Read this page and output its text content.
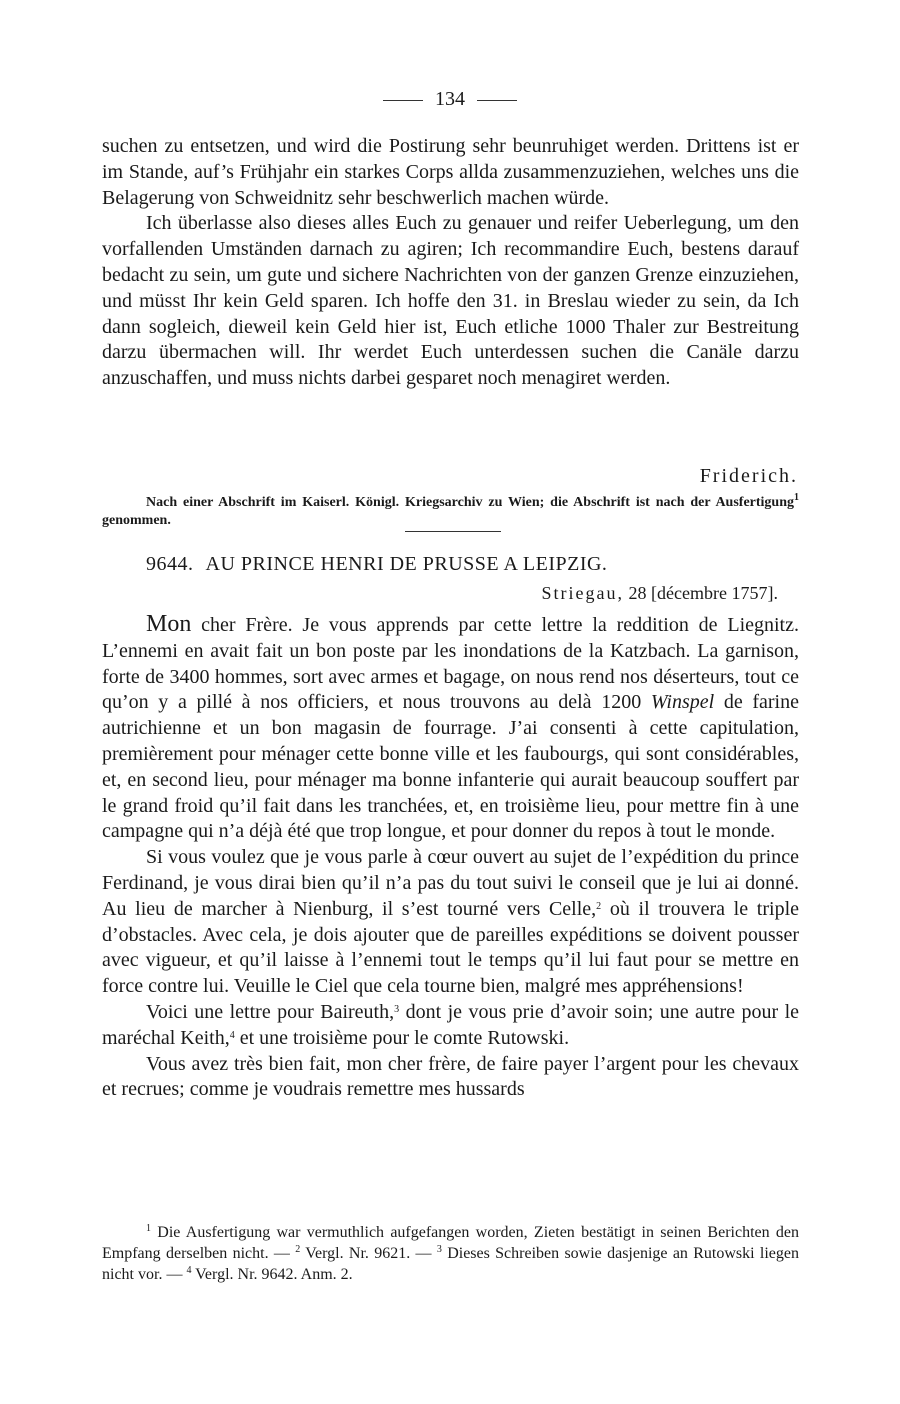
134

suchen zu entsetzen, und wird die Postirung sehr beunruhiget werden. Drittens ist er im Stande, auf’s Frühjahr ein starkes Corps allda zusammenzuziehen, welches uns die Belagerung von Schweidnitz sehr beschwerlich machen würde.

Ich überlasse also dieses alles Euch zu genauer und reifer Ueberlegung, um den vorfallenden Umständen darnach zu agiren; Ich recommandire Euch, bestens darauf bedacht zu sein, um gute und sichere Nachrichten von der ganzen Grenze einzuziehen, und müsst Ihr kein Geld sparen. Ich hoffe den 31. in Breslau wieder zu sein, da Ich dann sogleich, dieweil kein Geld hier ist, Euch etliche 1000 Thaler zur Bestreitung darzu übermachen will. Ihr werdet Euch unterdessen suchen die Canäle darzu anzuschaffen, und muss nichts darbei gesparet noch menagiret werden.

Friderich.
Nach einer Abschrift im Kaiserl. Königl. Kriegsarchiv zu Wien; die Abschrift ist nach der Ausfertigung$^1$ genommen.
9644. AU PRINCE HENRI DE PRUSSE A LEIPZIG.
Striegau, 28 [décembre 1757].

Mon cher Frère. Je vous apprends par cette lettre la reddition de Liegnitz. L’ennemi en avait fait un bon poste par les inondations de la Katzbach. La garnison, forte de 3400 hommes, sort avec armes et bagage, on nous rend nos déserteurs, tout ce qu’on y a pillé à nos officiers, et nous trouvons au delà 1200 Winspel de farine autrichienne et un bon magasin de fourrage. J’ai consenti à cette capitulation, premièrement pour ménager cette bonne ville et les faubourgs, qui sont considérables, et, en second lieu, pour ménager ma bonne infanterie qui aurait beaucoup souffert par le grand froid qu’il fait dans les tranchées, et, en troisième lieu, pour mettre fin à une campagne qui n’a déjà été que trop longue, et pour donner du repos à tout le monde.

Si vous voulez que je vous parle à cœur ouvert au sujet de l’expédition du prince Ferdinand, je vous dirai bien qu’il n’a pas du tout suivi le conseil que je lui ai donné. Au lieu de marcher à Nienburg, il s’est tourné vers Celle,$^2$ où il trouvera le triple d’obstacles. Avec cela, je dois ajouter que de pareilles expéditions se doivent pousser avec vigueur, et qu’il laisse à l’ennemi tout le temps qu’il lui faut pour se mettre en force contre lui. Veuille le Ciel que cela tourne bien, malgré mes appréhensions!

Voici une lettre pour Baireuth,$^3$ dont je vous prie d’avoir soin; une autre pour le maréchal Keith,$^4$ et une troisième pour le comte Rutowski.

Vous avez très bien fait, mon cher frère, de faire payer l’argent pour les chevaux et recrues; comme je voudrais remettre mes hussards

$^1$ Die Ausfertigung war vermuthlich aufgefangen worden, Zieten bestätigt in seinen Berichten den Empfang derselben nicht. — $^2$ Vergl. Nr. 9621. — $^3$ Dieses Schreiben sowie dasjenige an Rutowski liegen nicht vor. — $^4$ Vergl. Nr. 9642. Anm. 2.
